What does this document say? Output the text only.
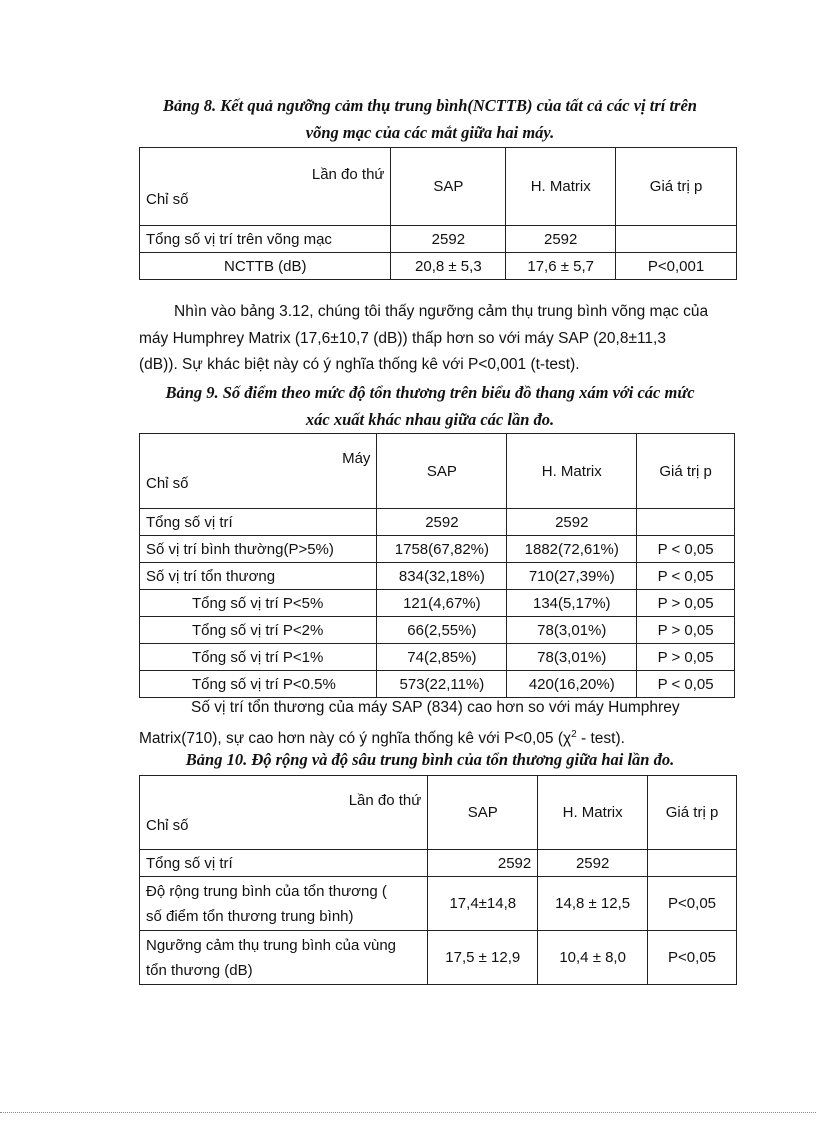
Bảng 8. Kết quả ngưỡng cảm thụ trung bình(NCTTB) của tất cả các vị trí trên
võng mạc của các mắt giữa hai máy.
Lần đo thứ
Chỉ số	SAP	H. Matrix	Giá trị p
Tổng số vị trí trên võng mạc	2592	2592	
NCTTB (dB)	20,8 ± 5,3	17,6 ± 5,7	P<0,001
Nhìn vào bảng 3.12, chúng tôi thấy ngưỡng cảm thụ trung bình võng mạc của
máy Humphrey Matrix (17,6±10,7 (dB)) thấp hơn so với máy SAP (20,8±11,3
(dB)). Sự khác biệt này có ý nghĩa thống kê với P<0,001 (t-test).
Bảng 9. Số điểm theo mức độ tổn thương trên biểu đồ thang xám với các mức
xác xuất khác nhau giữa các lần đo.
Máy
Chỉ số	SAP	H. Matrix	Giá trị p
Tổng số vị trí	2592	2592	
Số vị trí bình thường(P>5%)	1758(67,82%)	1882(72,61%)	P < 0,05
Số vị trí tổn thương	834(32,18%)	710(27,39%)	P < 0,05
Tổng số vị trí P<5%	121(4,67%)	134(5,17%)	P > 0,05
Tổng số vị trí P<2%	66(2,55%)	78(3,01%)	P > 0,05
Tổng số vị trí P<1%	74(2,85%)	78(3,01%)	P > 0,05
Tổng số vị trí P<0.5%	573(22,11%)	420(16,20%)	P < 0,05
Số vị trí tổn thương của máy SAP (834) cao hơn so với máy Humphrey
Matrix(710), sự cao hơn này có ý nghĩa thống kê với P<0,05 ($\chi^2$ - test).
Bảng 10. Độ rộng và độ sâu trung bình của tổn thương giữa hai lần đo.
Lần đo thứ
Chỉ số	SAP	H. Matrix	Giá trị p
Tổng số vị trí	2592	2592	

Độ rộng trung bình của tổn thương (
số điểm tổn thương trung bình)	17,4±14,8	14,8 ± 12,5	P<0,05

Ngưỡng cảm thụ trung bình của vùng
tổn thương (dB)	17,5 ± 12,9	10,4 ± 8,0	P<0,05
